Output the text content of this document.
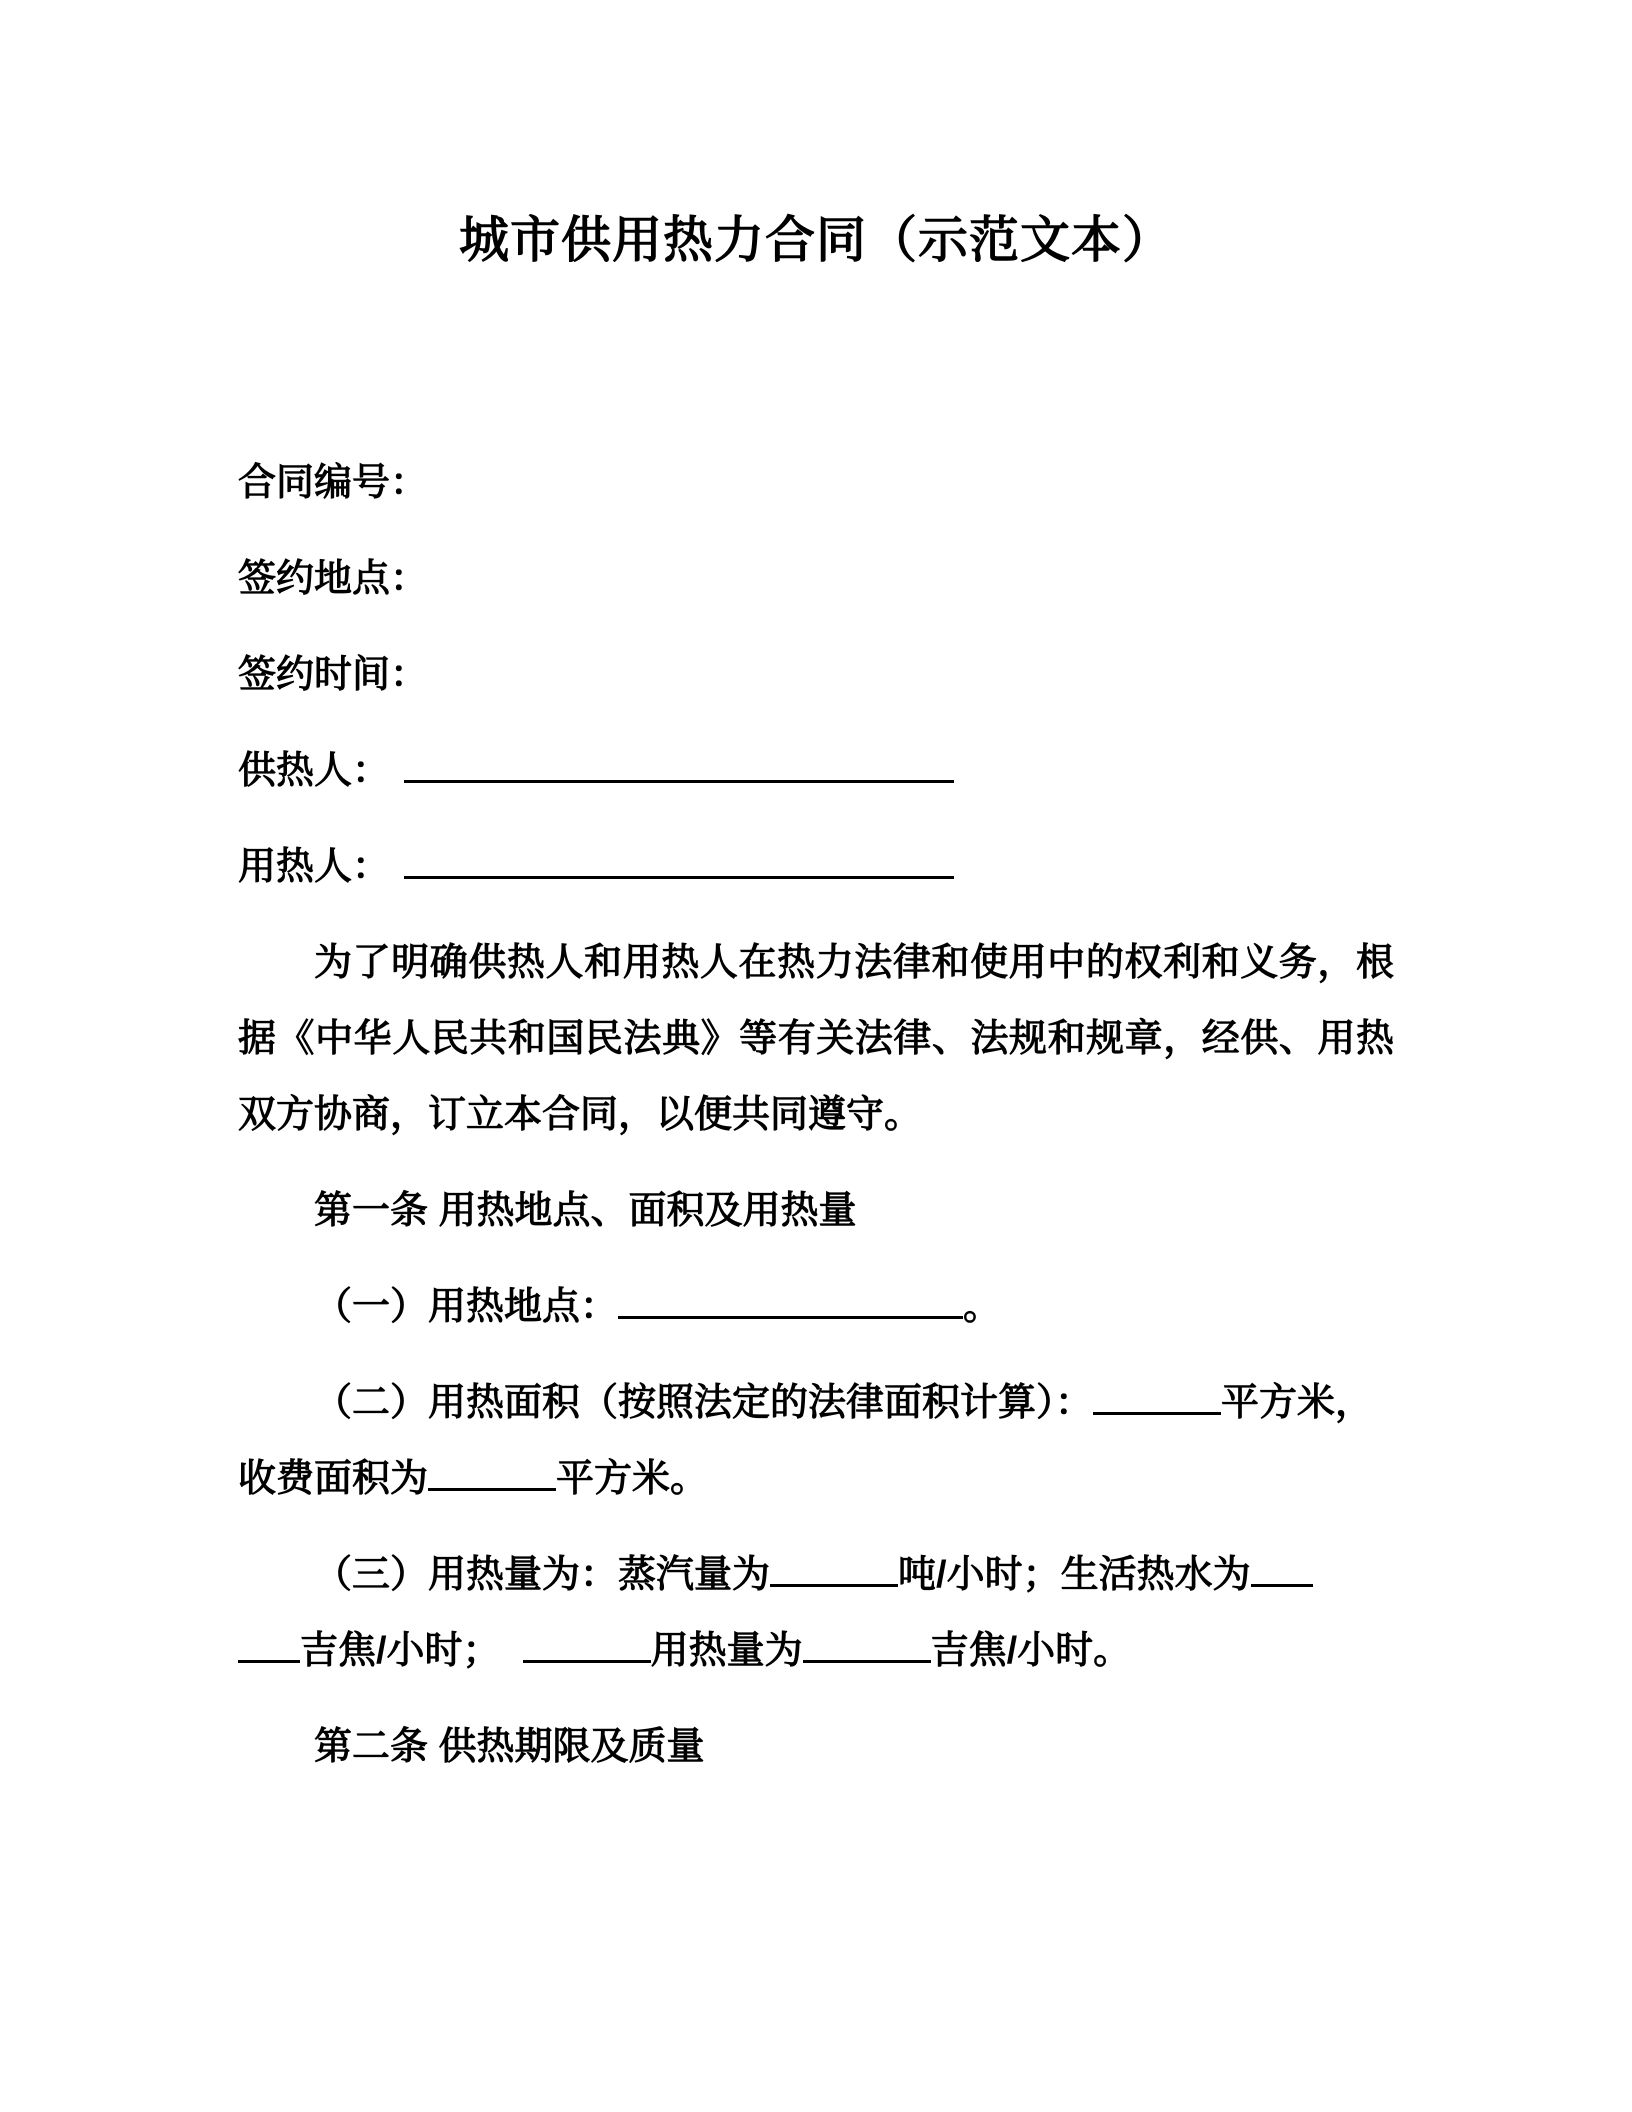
城市供用热力合同（示范文本）

合同编号：

签约地点：

签约时间：

供热人：

用热人：

为了明确供热人和用热人在热力法律和使用中的权利和义务，根据《中华人民共和国民法典》等有关法律、法规和规章，经供、用热双方协商，订立本合同，以便共同遵守。

第一条 用热地点、面积及用热量

（一）用热地点：	。

（二）用热面积（按照法定的法律面积计算）：	平方米，

收费面积为	平方米。

（三）用热量为：蒸汽量为	吨/小时；生活热水为

吉焦/小时；	用热量为	吉焦/小时。

第二条 供热期限及质量
